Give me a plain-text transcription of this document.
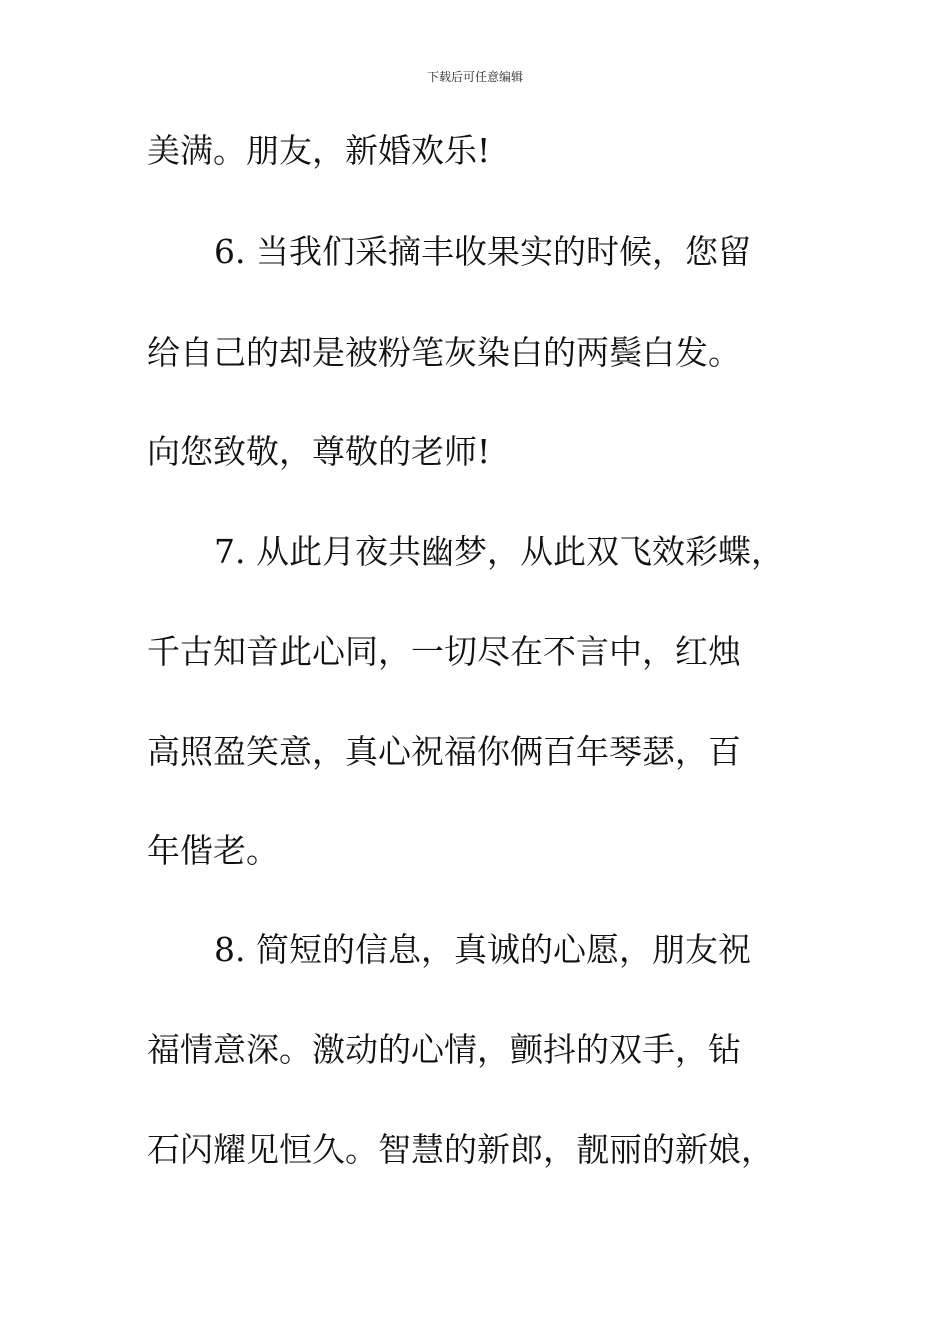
下载后可任意编辑
美满。朋友，新婚欢乐!
6. 当我们采摘丰收果实的时候，您留
给自己的却是被粉笔灰染白的两鬓白发。
向您致敬，尊敬的老师!
7. 从此月夜共幽梦，从此双飞效彩蝶，
千古知音此心同，一切尽在不言中，红烛
高照盈笑意，真心祝福你俩百年琴瑟，百
年偕老。
8. 简短的信息，真诚的心愿，朋友祝
福情意深。激动的心情，颤抖的双手，钻
石闪耀见恒久。智慧的新郎，靓丽的新娘，
